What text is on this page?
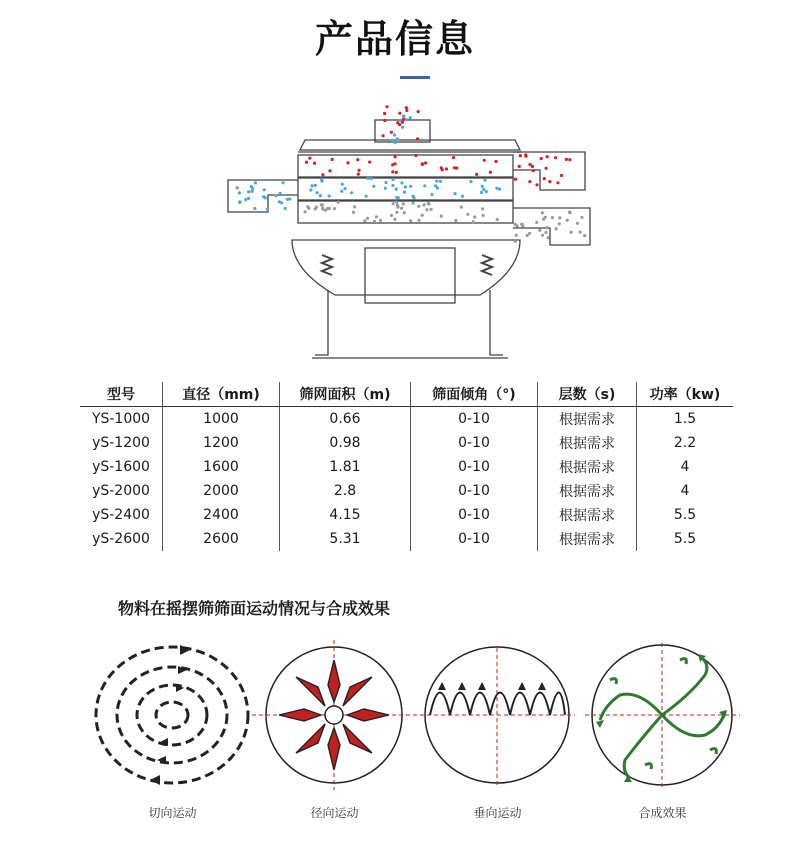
产品信息
型号	直径（mm)	筛网面积（m)	筛面倾角（°)	层数（s)	功率（kw)
YS-1000	1000	0.66	0-10	根据需求	1.5
yS-1200	1200	0.98	0-10	根据需求	2.2
yS-1600	1600	1.81	0-10	根据需求	4
yS-2000	2000	2.8	0-10	根据需求	4
yS-2400	2400	4.15	0-10	根据需求	5.5
yS-2600	2600	5.31	0-10	根据需求	5.5
物料在摇摆筛筛面运动情况与合成效果
切向运动	径向运动	垂向运动	合成效果
